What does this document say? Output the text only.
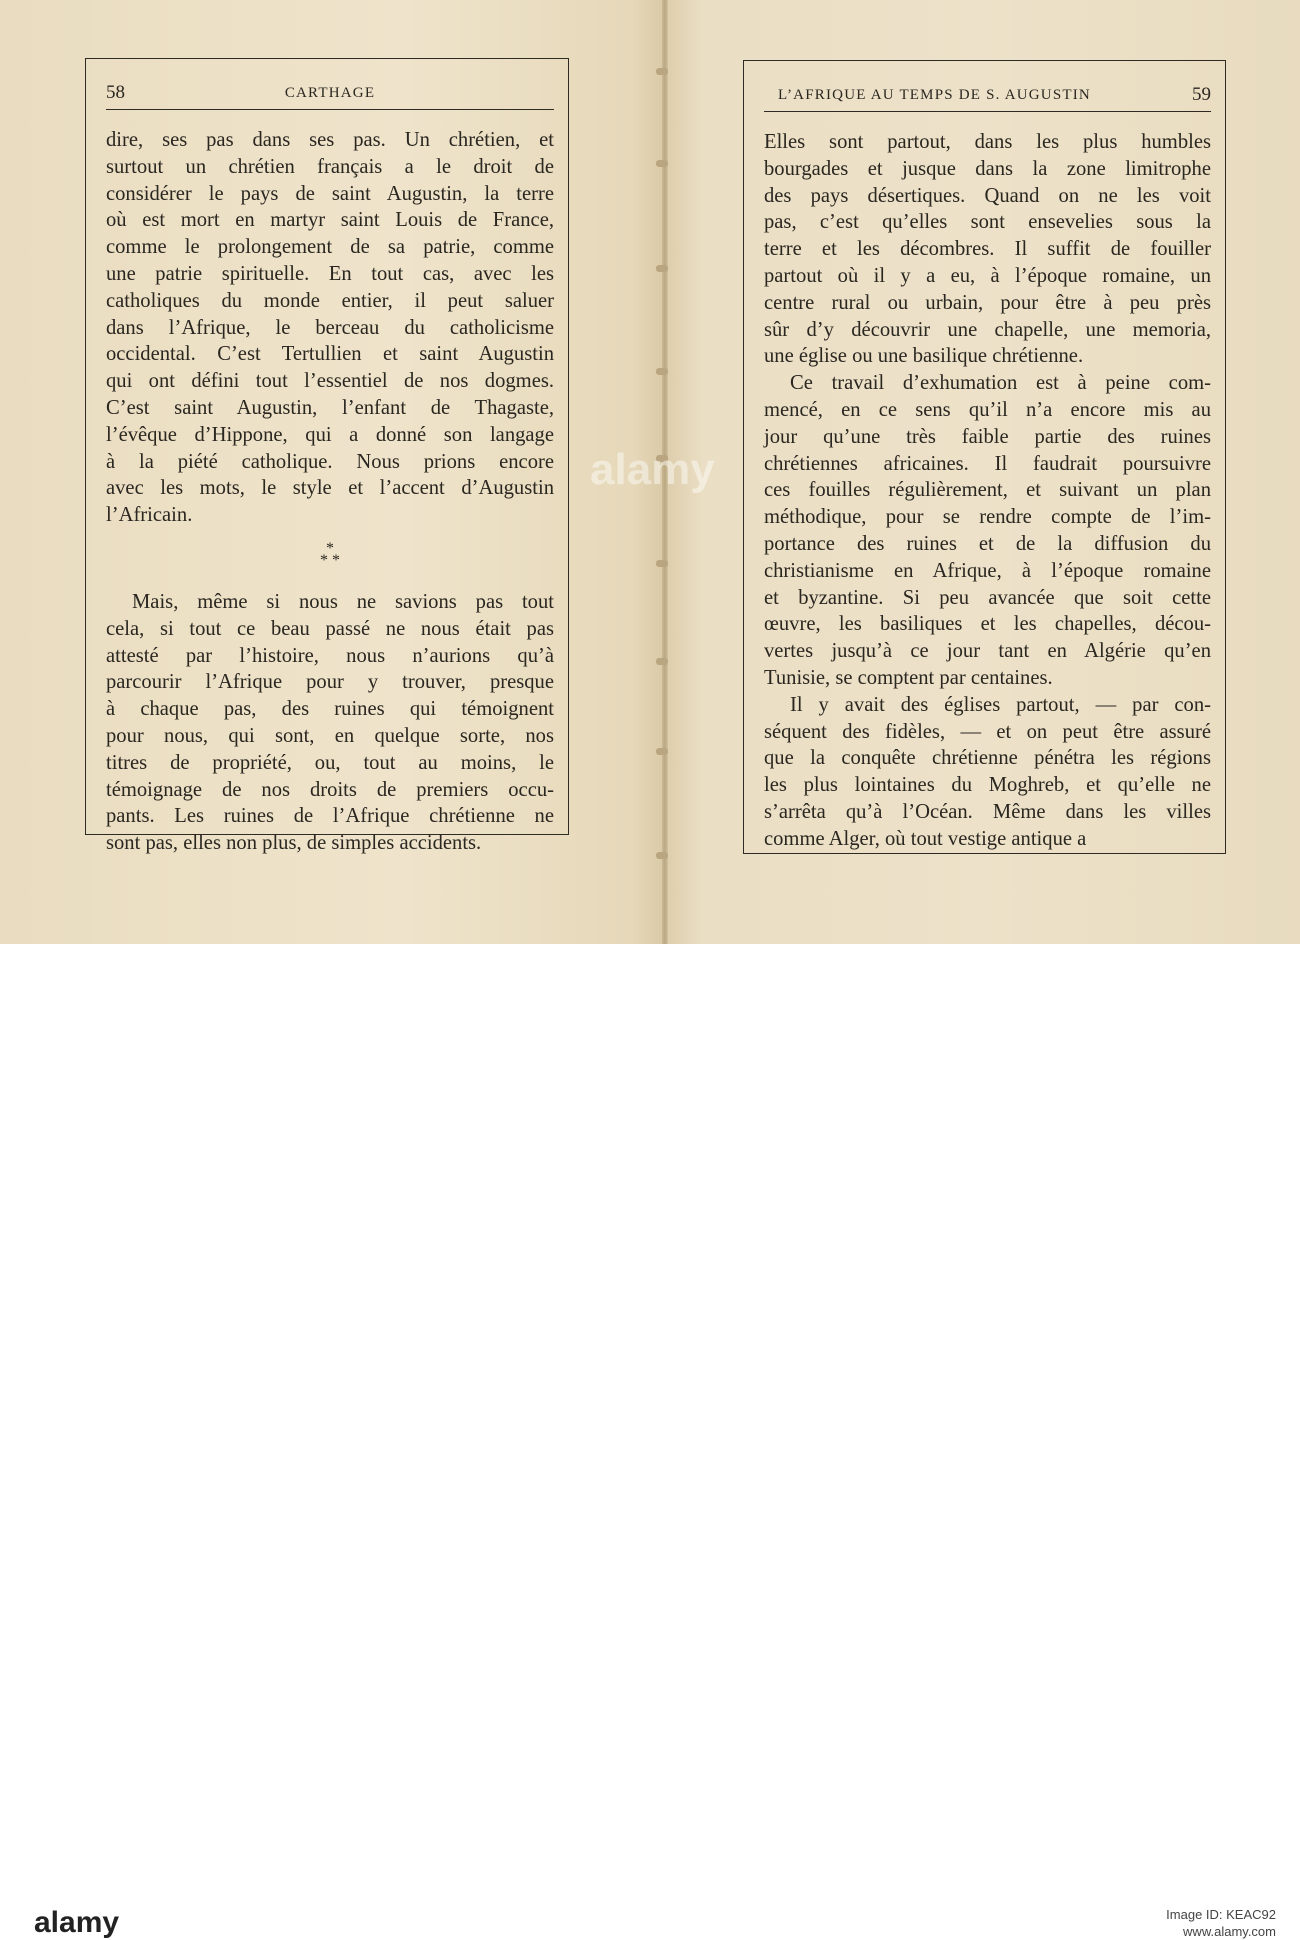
58	CARTHAGE

dire, ses pas dans ses pas. Un chrétien, et

surtout un chrétien français a le droit de

considérer le pays de saint Augustin, la terre

où est mort en martyr saint Louis de France,

comme le prolongement de sa patrie, comme

une patrie spirituelle. En tout cas, avec les

catholiques du monde entier, il peut saluer

dans l’Afrique, le berceau du catholicisme

occidental. C’est Tertullien et saint Augustin

qui ont défini tout l’essentiel de nos dogmes.

C’est saint Augustin, l’enfant de Thagaste,

l’évêque d’Hippone, qui a donné son langage

à la piété catholique. Nous prions encore

avec les mots, le style et l’accent d’Augustin

l’Africain.

*
* *

Mais, même si nous ne savions pas tout

cela, si tout ce beau passé ne nous était pas

attesté par l’histoire, nous n’aurions qu’à

parcourir l’Afrique pour y trouver, presque

à chaque pas, des ruines qui témoignent

pour nous, qui sont, en quelque sorte, nos

titres de propriété, ou, tout au moins, le

témoignage de nos droits de premiers occu-

pants. Les ruines de l’Afrique chrétienne ne

sont pas, elles non plus, de simples accidents.

L’AFRIQUE AU TEMPS DE S. AUGUSTIN	59

Elles sont partout, dans les plus humbles

bourgades et jusque dans la zone limitrophe

des pays désertiques. Quand on ne les voit

pas, c’est qu’elles sont ensevelies sous la

terre et les décombres. Il suffit de fouiller

partout où il y a eu, à l’époque romaine, un

centre rural ou urbain, pour être à peu près

sûr d’y découvrir une chapelle, une memoria,

une église ou une basilique chrétienne.

Ce travail d’exhumation est à peine com-

mencé, en ce sens qu’il n’a encore mis au

jour qu’une très faible partie des ruines

chrétiennes africaines. Il faudrait poursuivre

ces fouilles régulièrement, et suivant un plan

méthodique, pour se rendre compte de l’im-

portance des ruines et de la diffusion du

christianisme en Afrique, à l’époque romaine

et byzantine. Si peu avancée que soit cette

œuvre, les basiliques et les chapelles, décou-

vertes jusqu’à ce jour tant en Algérie qu’en

Tunisie, se comptent par centaines.

Il y avait des églises partout, — par con-

séquent des fidèles, — et on peut être assuré

que la conquête chrétienne pénétra les régions

les plus lointaines du Moghreb, et qu’elle ne

s’arrêta qu’à l’Océan. Même dans les villes

comme Alger, où tout vestige antique a

alamy
alamy	Image ID: KEAC92
www.alamy.com
